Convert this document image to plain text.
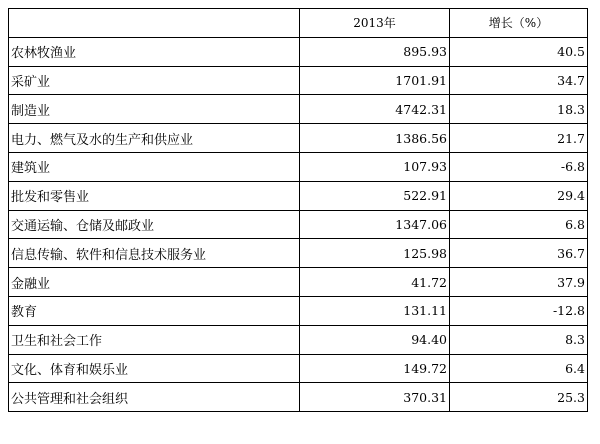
	2013年	增长（%）
农林牧渔业	895.93	40.5
采矿业	1701.91	34.7
制造业	4742.31	18.3
电力、燃气及水的生产和供应业	1386.56	21.7
建筑业	107.93	-6.8
批发和零售业	522.91	29.4
交通运输、仓储及邮政业	1347.06	6.8
信息传输、软件和信息技术服务业	125.98	36.7
金融业	41.72	37.9
教育	131.11	-12.8
卫生和社会工作	94.40	8.3
文化、体育和娱乐业	149.72	6.4
公共管理和社会组织	370.31	25.3
